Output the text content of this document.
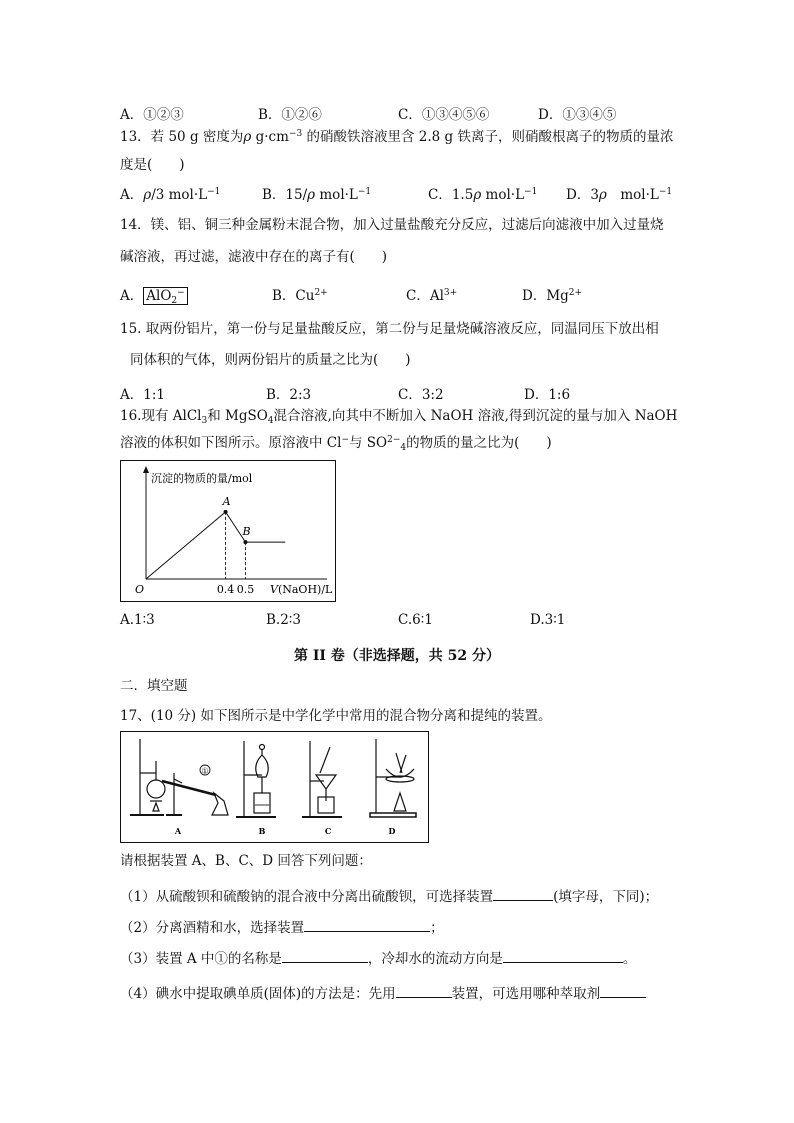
A．①②③	B．①②⑥	C．①③④⑤⑥	D．①③④⑤
13．若 50 g 密度为ρ $g\cdot cm^{-3}$ 的硝酸铁溶液里含 2.8 g 铁离子，则硝酸根离子的物质的量浓
度是(　　)
A．ρ/3 $mol\cdot L^{-1}$	B．15/ρ $mol\cdot L^{-1}$	C．1.5ρ $mol\cdot L^{-1}$ D．3ρ　$mol\cdot L^{-1}$
14．镁、铝、铜三种金属粉末混合物，加入过量盐酸充分反应，过滤后向滤液中加入过量烧
碱溶液，再过滤，滤液中存在的离子有(　　)
A． AlO$_2$−	B．$Cu^{2+}$	C．$Al^{3+}$	D．$Mg^{2+}$
15. 取两份铝片，第一份与足量盐酸反应，第二份与足量烧碱溶液反应，同温同压下放出相
同体积的气体，则两份铝片的质量之比为(　　)
A．1:1	B．2:3	C．3:2	D．1:6
16.现有 AlCl$_3$和 MgSO$_4$混合溶液,向其中不断加入 NaOH 溶液,得到沉淀的量与加入 NaOH
溶液的体积如下图所示。原溶液中 Cl−与 $SO^{2-}_4$的物质的量之比为(　　)
沉淀的物质的量/mol
O	V(NaOH)/L
A
0.4
B
0.5
A.1∶3	B.2∶3	C.6∶1	D.3∶1
第 II 卷（非选择题，共 52 分）
二．填空题
17、(10 分) 如下图所示是中学化学中常用的混合物分离和提纯的装置。
①
A	B	C	D
请根据装置 A、B、C、D 回答下列问题：
（1）从硫酸钡和硫酸钠的混合液中分离出硫酸钡，可选择装置	(填字母，下同)；
（2）分离酒精和水，选择装置	；
（3）装置 A 中①的名称是	，冷却水的流动方向是	。
（4）碘水中提取碘单质(固体)的方法是：先用	装置，可选用哪种萃取剂
